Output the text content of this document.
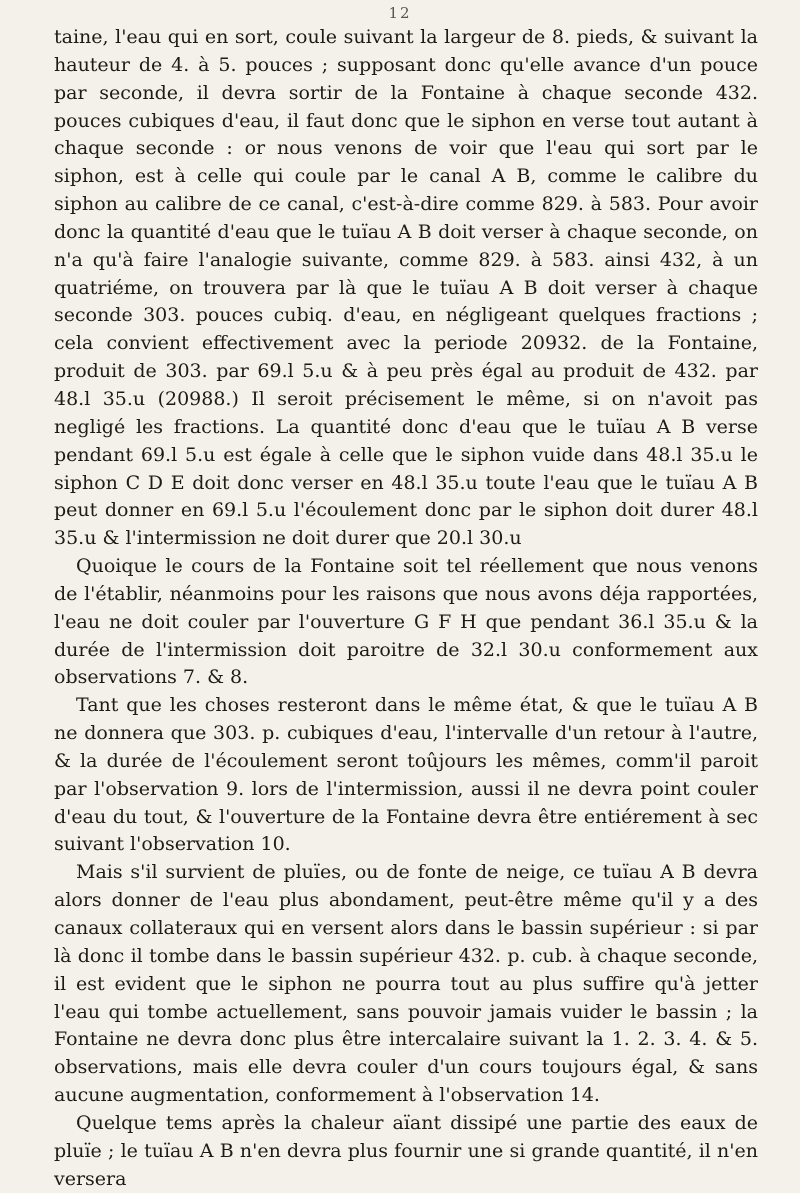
12

taine, l'eau qui en sort, coule suivant la largeur de 8. pieds, & suivant la hauteur de 4. à 5. pouces ; supposant donc qu'elle avance d'un pouce par seconde, il devra sortir de la Fontaine à chaque seconde 432. pouces cubiques d'eau, il faut donc que le siphon en verse tout autant à chaque seconde : or nous venons de voir que l'eau qui sort par le siphon, est à celle qui coule par le canal A B, comme le calibre du siphon au calibre de ce canal, c'est-à-dire comme 829. à 583. Pour avoir donc la quantité d'eau que le tuïau A B doit verser à chaque seconde, on n'a qu'à faire l'analogie suivante, comme 829. à 583. ainsi 432, à un quatriéme, on trouvera par là que le tuïau A B doit verser à chaque seconde 303. pouces cubiq. d'eau, en négligeant quelques fractions ; cela convient effectivement avec la periode 20932. de la Fontaine, produit de 303. par 69.l 5.u & à peu près égal au produit de 432. par 48.l 35.u (20988.) Il seroit précisement le même, si on n'avoit pas negligé les fractions. La quantité donc d'eau que le tuïau A B verse pendant 69.l 5.u est égale à celle que le siphon vuide dans 48.l 35.u le siphon C D E doit donc verser en 48.l 35.u toute l'eau que le tuïau A B peut donner en 69.l 5.u l'écoulement donc par le siphon doit durer 48.l 35.u & l'intermission ne doit durer que 20.l 30.u

Quoique le cours de la Fontaine soit tel réellement que nous venons de l'établir, néanmoins pour les raisons que nous avons déja rapportées, l'eau ne doit couler par l'ouverture G F H que pendant 36.l 35.u & la durée de l'intermission doit paroitre de 32.l 30.u conformement aux observations 7. & 8.

Tant que les choses resteront dans le même état, & que le tuïau A B ne donnera que 303. p. cubiques d'eau, l'intervalle d'un retour à l'autre, & la durée de l'écoulement seront toûjours les mêmes, comm'il paroit par l'observation 9. lors de l'intermission, aussi il ne devra point couler d'eau du tout, & l'ouverture de la Fontaine devra être entiérement à sec suivant l'observation 10.

Mais s'il survient de pluïes, ou de fonte de neige, ce tuïau A B devra alors donner de l'eau plus abondament, peut-être même qu'il y a des canaux collateraux qui en versent alors dans le bassin supérieur : si par là donc il tombe dans le bassin supérieur 432. p. cub. à chaque seconde, il est evident que le siphon ne pourra tout au plus suffire qu'à jetter l'eau qui tombe actuellement, sans pouvoir jamais vuider le bassin ; la Fontaine ne devra donc plus être intercalaire suivant la 1. 2. 3. 4. & 5. observations, mais elle devra couler d'un cours toujours égal, & sans aucune augmentation, conformement à l'observation 14.

Quelque tems après la chaleur aïant dissipé une partie des eaux de pluïe ; le tuïau A B n'en devra plus fournir une si grande quantité, il n'en versera
